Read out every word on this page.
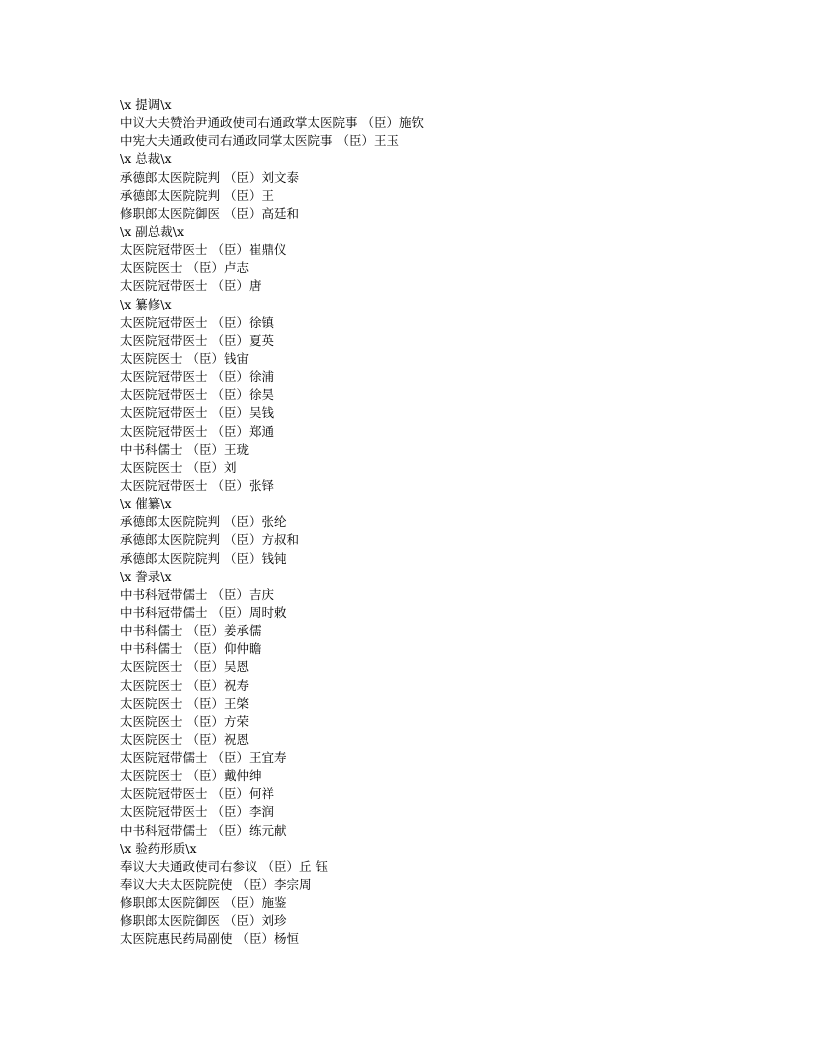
\x 提调\x
中议大夫赞治尹通政使司右通政掌太医院事 （臣）施钦
中宪大夫通政使司右通政同掌太医院事 （臣）王玉
\x 总裁\x
承德郎太医院院判 （臣）刘文泰
承德郎太医院院判 （臣）王
修职郎太医院御医 （臣）高廷和
\x 副总裁\x
太医院冠带医士 （臣）崔鼎仪
太医院医士 （臣）卢志
太医院冠带医士 （臣）唐
\x 纂修\x
太医院冠带医士 （臣）徐镇
太医院冠带医士 （臣）夏英
太医院医士 （臣）钱宙
太医院冠带医士 （臣）徐浦
太医院冠带医士 （臣）徐昊
太医院冠带医士 （臣）吴钱
太医院冠带医士 （臣）郑通
中书科儒士 （臣）王珑
太医院医士 （臣）刘
太医院冠带医士 （臣）张铎
\x 催纂\x
承德郎太医院院判 （臣）张纶
承德郎太医院院判 （臣）方叔和
承德郎太医院院判 （臣）钱钝
\x 誊录\x
中书科冠带儒士 （臣）吉庆
中书科冠带儒士 （臣）周时敕
中书科儒士 （臣）姜承儒
中书科儒士 （臣）仰仲瞻
太医院医士 （臣）吴恩
太医院医士 （臣）祝寿
太医院医士 （臣）王棨
太医院医士 （臣）方荣
太医院医士 （臣）祝恩
太医院冠带儒士 （臣）王宜寿
太医院医士 （臣）戴仲绅
太医院冠带医士 （臣）何祥
太医院冠带医士 （臣）李润
中书科冠带儒士 （臣）练元献
\x 验药形质\x
奉议大夫通政使司右参议 （臣）丘 钰
奉议大夫太医院院使 （臣）李宗周
修职郎太医院御医 （臣）施鉴
修职郎太医院御医 （臣）刘珍
太医院惠民药局副使 （臣）杨恒
